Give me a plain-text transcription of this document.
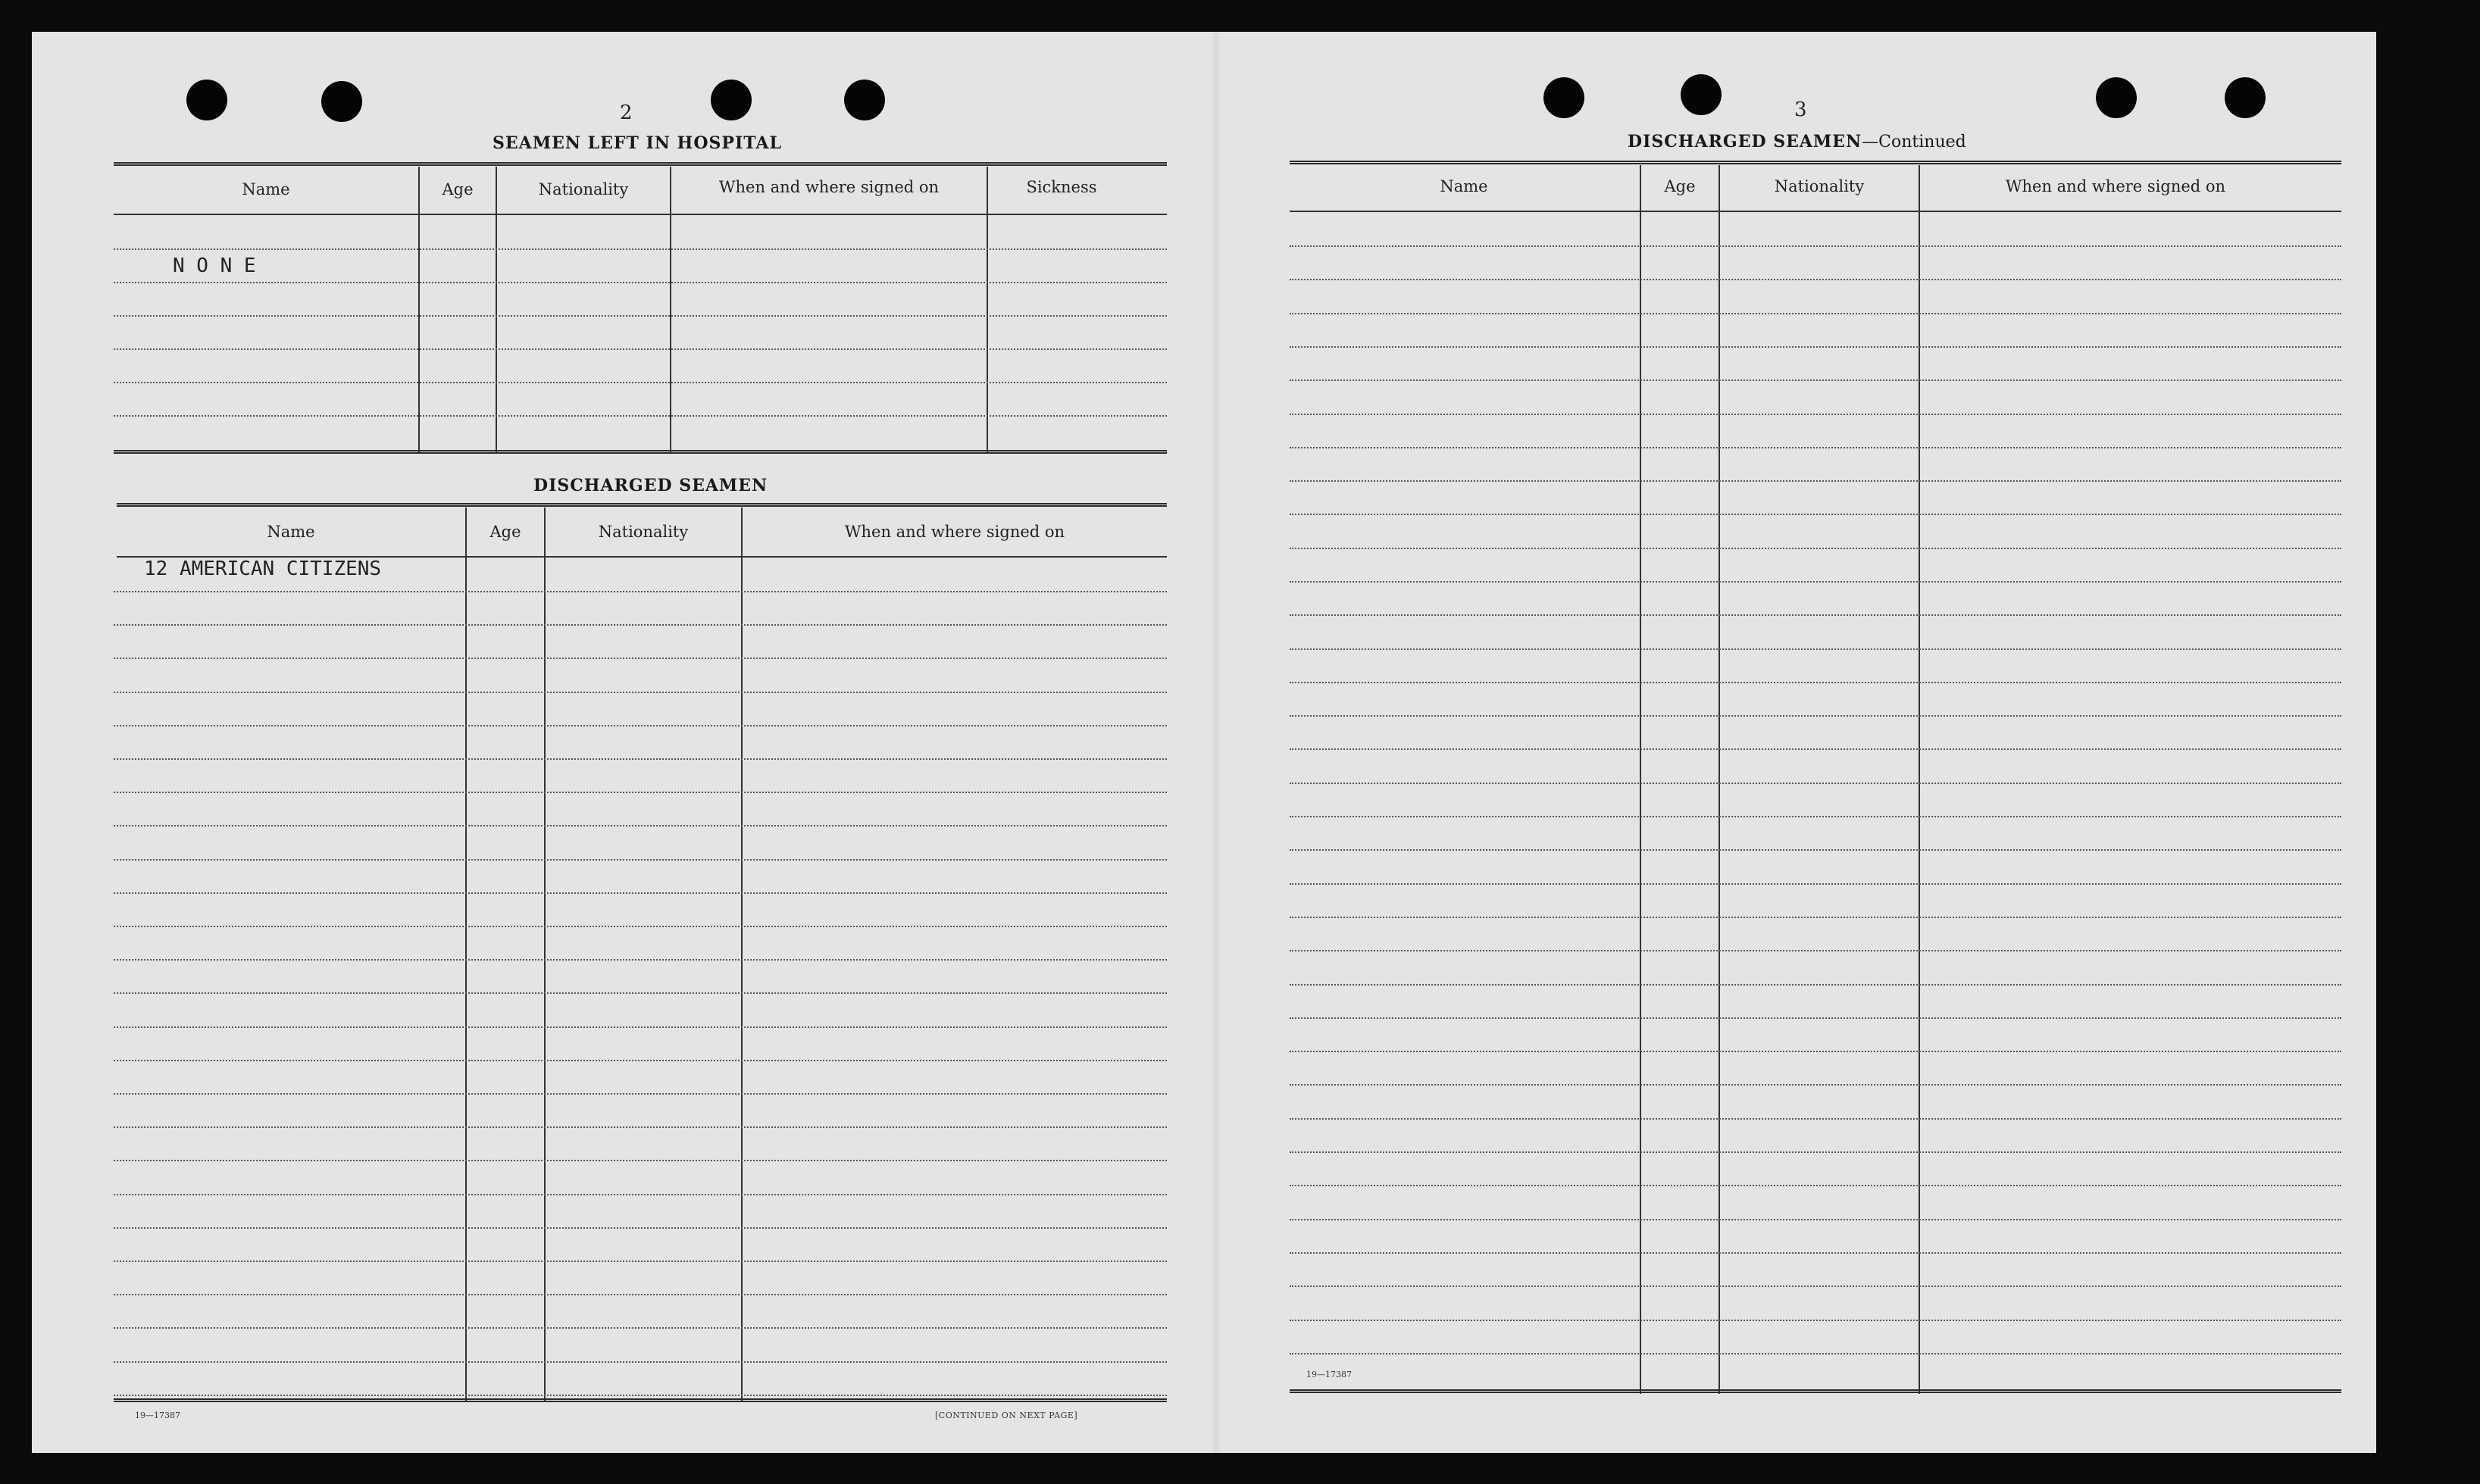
2
SEAMEN LEFT IN HOSPITAL
Name	Age	Nationality	When and where signed on	Sickness
N O N E
DISCHARGED SEAMEN
Name	Age	Nationality	When and where signed on
12 AMERICAN CITIZENS
19—17387	[CONTINUED ON NEXT PAGE]
3
DISCHARGED SEAMEN—Continued
Name	Age	Nationality	When and where signed on
19—17387
